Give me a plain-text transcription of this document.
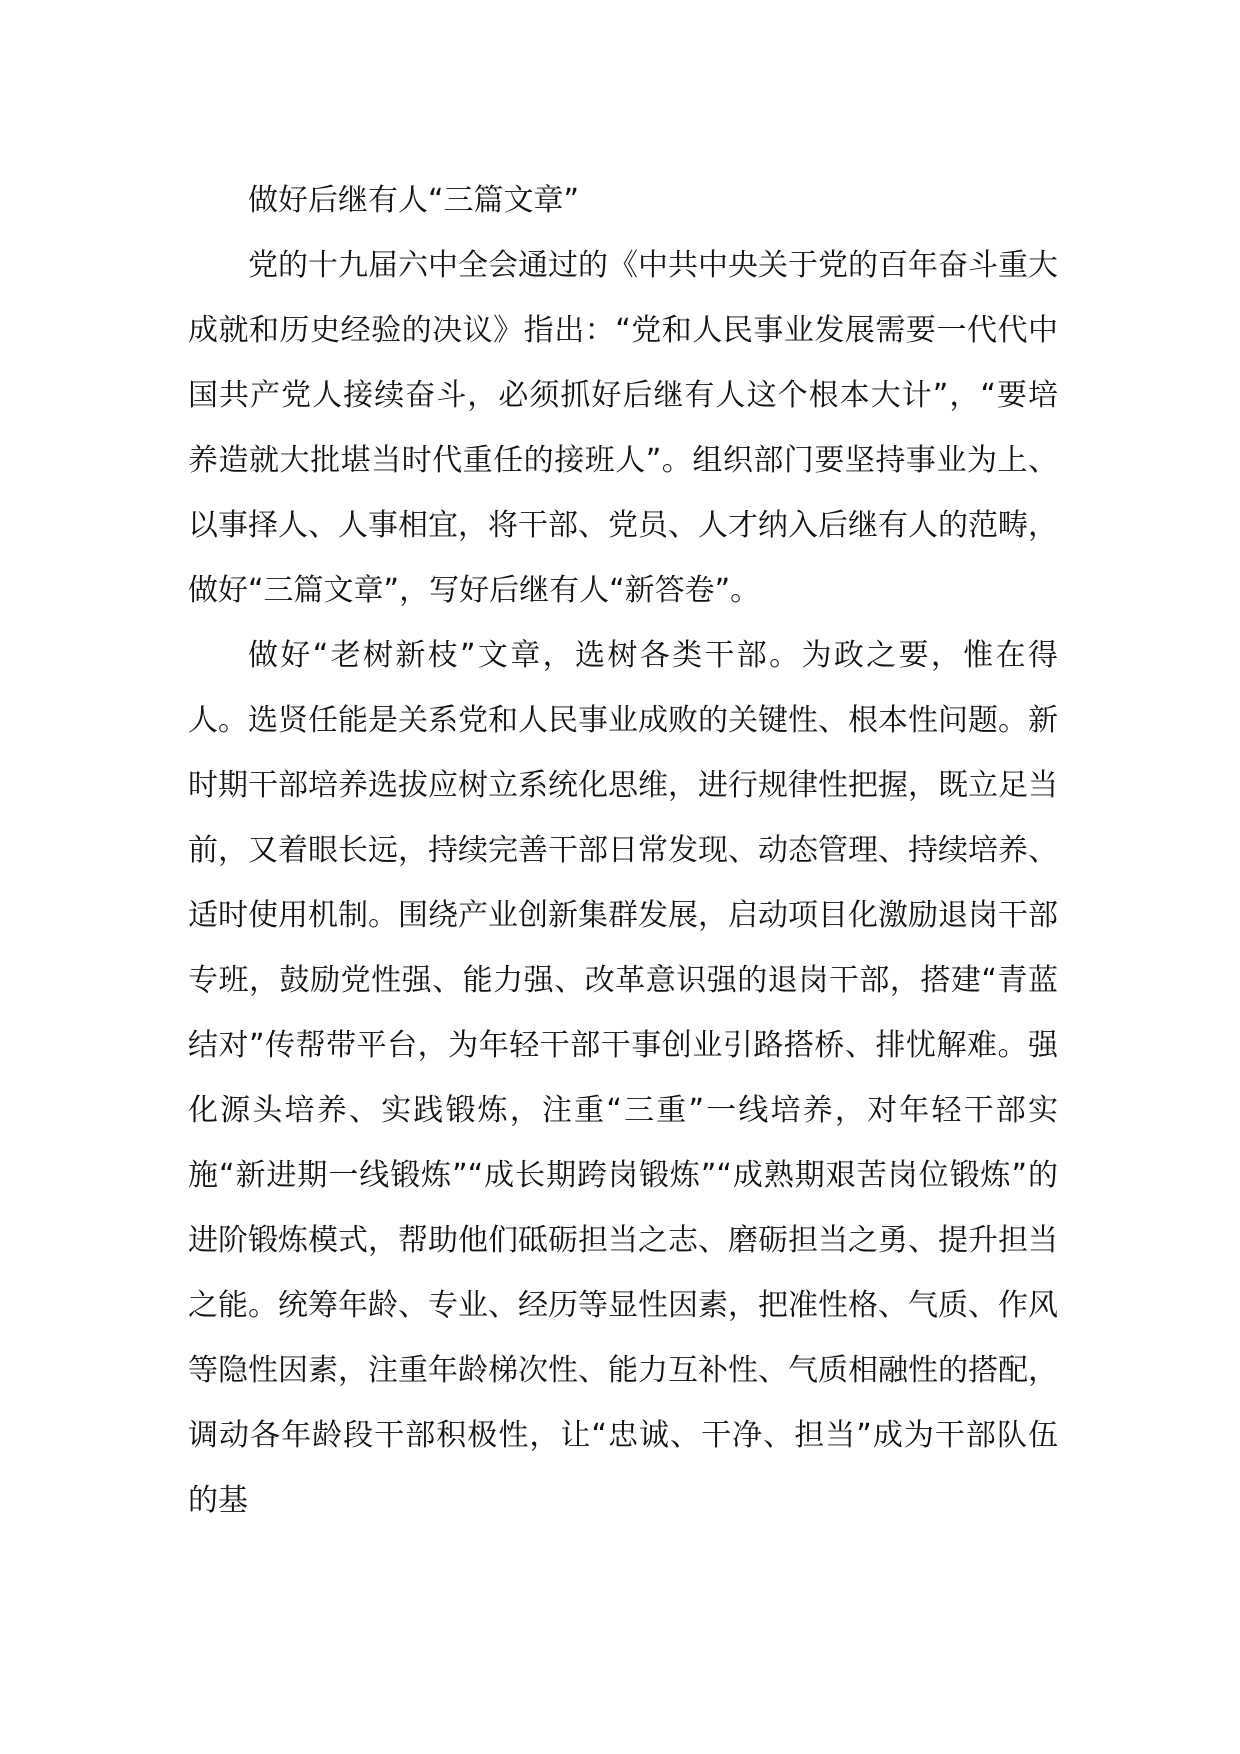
做好后继有人“三篇文章”

党的十九届六中全会通过的《中共中央关于党的百年奋斗重大成就和历史经验的决议》指出：“党和人民事业发展需要一代代中国共产党人接续奋斗，必须抓好后继有人这个根本大计”，“要培养造就大批堪当时代重任的接班人”。组织部门要坚持事业为上、以事择人、人事相宜，将干部、党员、人才纳入后继有人的范畴，做好“三篇文章”，写好后继有人“新答卷”。

做好“老树新枝”文章，选树各类干部。为政之要，惟在得人。选贤任能是关系党和人民事业成败的关键性、根本性问题。新时期干部培养选拔应树立系统化思维，进行规律性把握，既立足当前，又着眼长远，持续完善干部日常发现、动态管理、持续培养、适时使用机制。围绕产业创新集群发展，启动项目化激励退岗干部专班，鼓励党性强、能力强、改革意识强的退岗干部，搭建“青蓝结对”传帮带平台，为年轻干部干事创业引路搭桥、排忧解难。强化源头培养、实践锻炼，注重“三重”一线培养，对年轻干部实施“新进期一线锻炼”“成长期跨岗锻炼”“成熟期艰苦岗位锻炼”的进阶锻炼模式，帮助他们砥砺担当之志、磨砺担当之勇、提升担当之能。统筹年龄、专业、经历等显性因素，把准性格、气质、作风等隐性因素，注重年龄梯次性、能力互补性、气质相融性的搭配，调动各年龄段干部积极性，让“忠诚、干净、担当”成为干部队伍的基
